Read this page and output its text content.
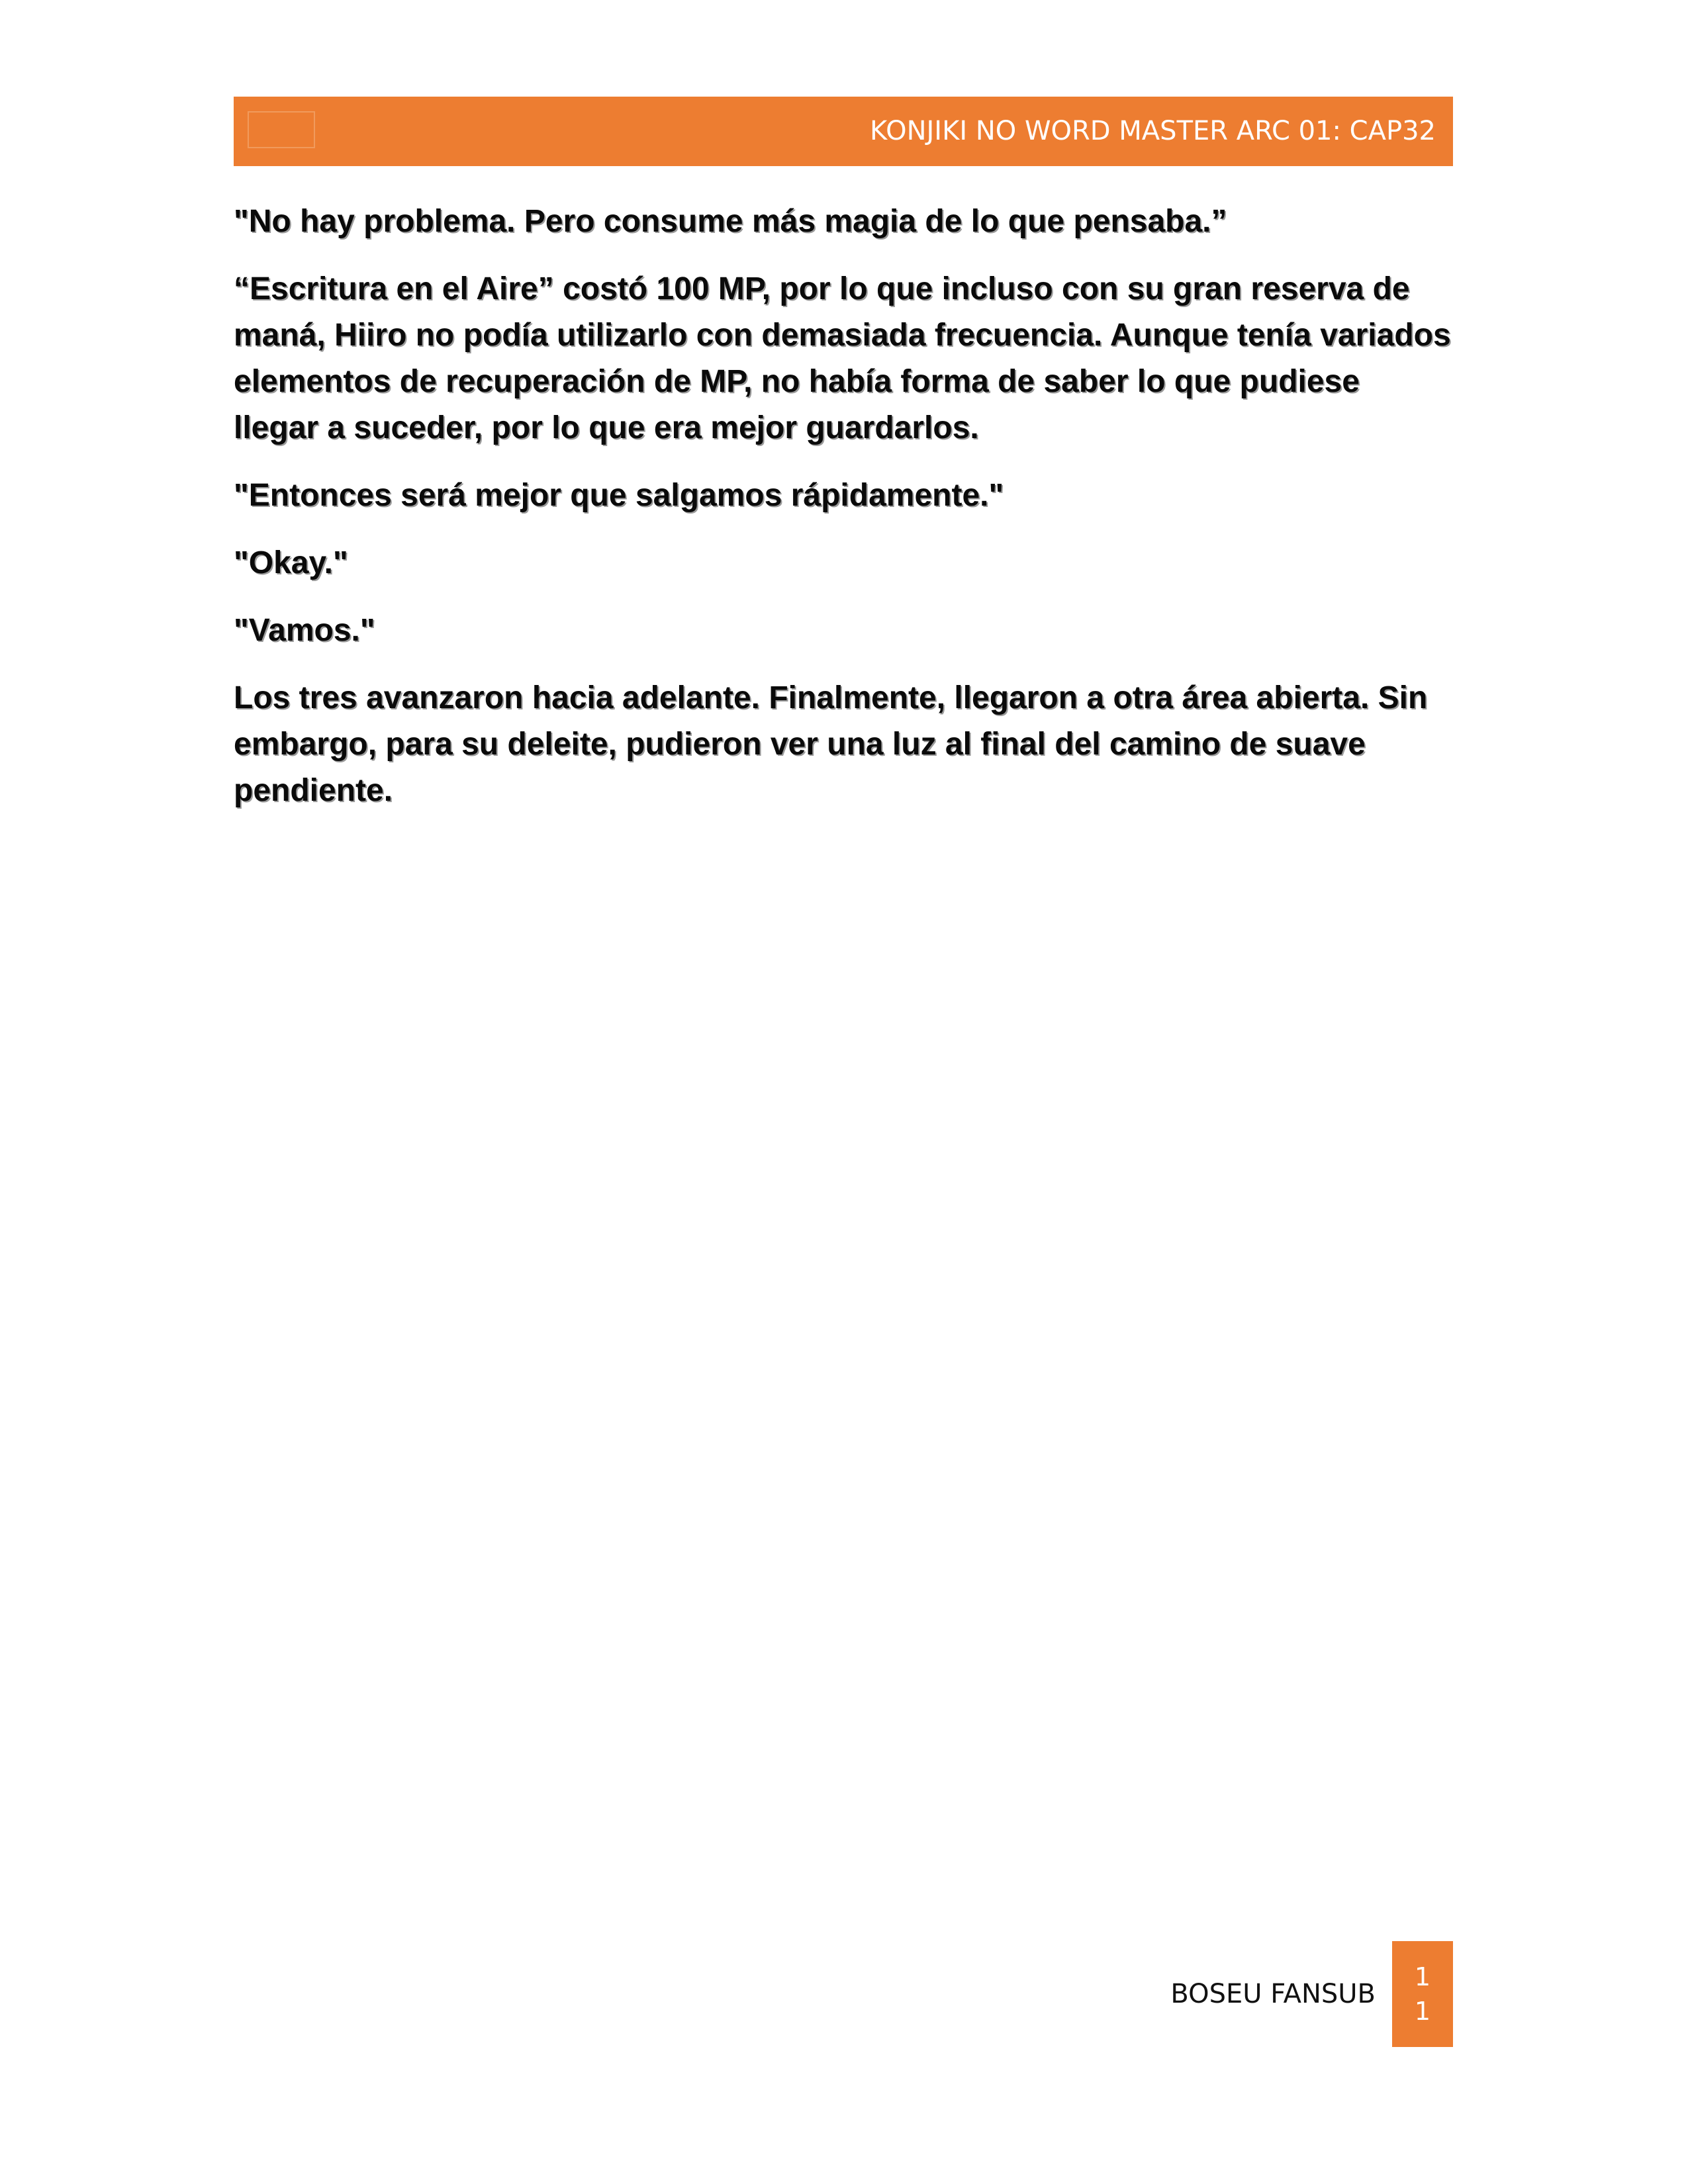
KONJIKI NO WORD MASTER ARC 01: CAP32

"No hay problema. Pero consume más magia de lo que pensaba.”

“Escritura en el Aire” costó 100 MP, por lo que incluso con su gran reserva de maná, Hiiro no podía utilizarlo con demasiada frecuencia. Aunque tenía variados elementos de recuperación de MP, no había forma de saber lo que pudiese llegar a suceder, por lo que era mejor guardarlos.

"Entonces será mejor que salgamos rápidamente."

"Okay."

"Vamos."

Los tres avanzaron hacia adelante. Finalmente, llegaron a otra área abierta. Sin embargo, para su deleite, pudieron ver una luz al final del camino de suave pendiente.

BOSEU FANSUB
1
1
